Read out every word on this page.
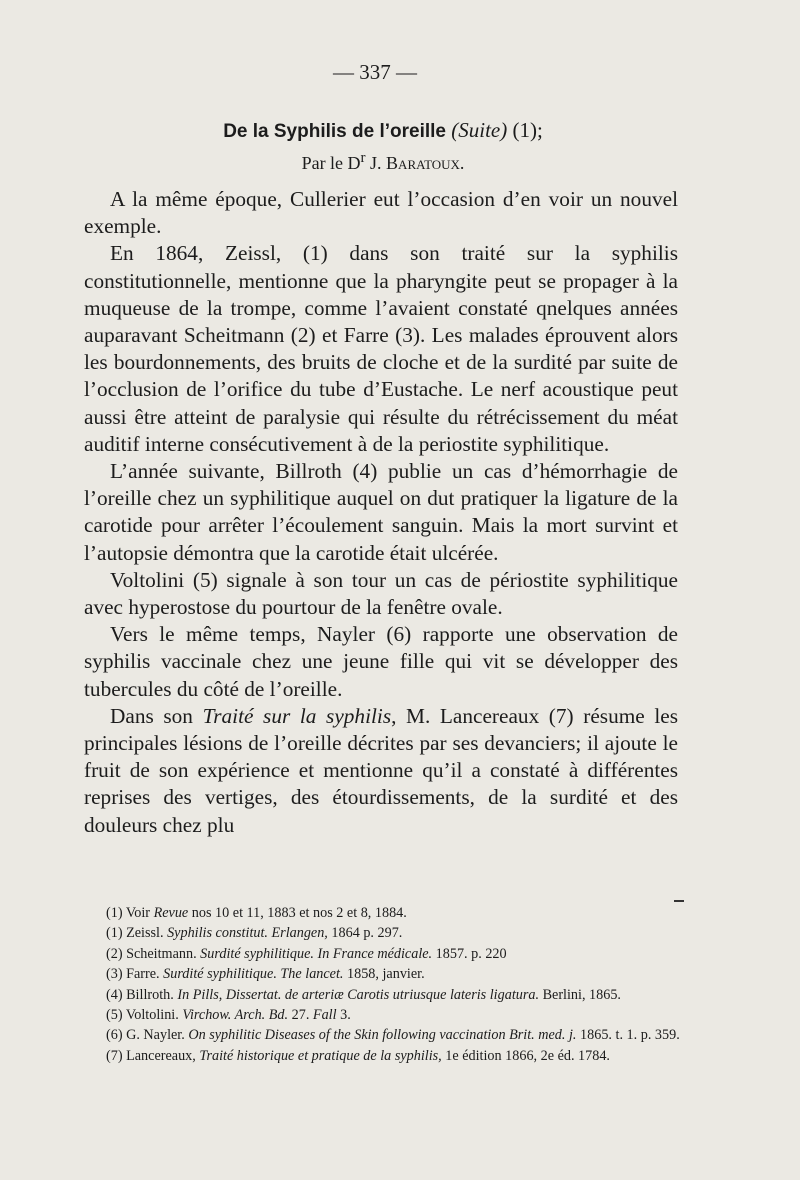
— 337 —
De la Syphilis de l’oreille (Suite) (1);
Par le $D^r$ J. Baratoux.

A la même époque, Cullerier eut l’occasion d’en voir un nouvel exemple.

En 1864, Zeissl, (1) dans son traité sur la syphilis constitutionnelle, mentionne que la pharyngite peut se propager à la muqueuse de la trompe, comme l’avaient constaté qnelques années auparavant Scheitmann (2) et Farre (3). Les malades éprouvent alors les bourdonnements, des bruits de cloche et de la surdité par suite de l’occlusion de l’orifice du tube d’Eustache. Le nerf acoustique peut aussi être atteint de paralysie qui résulte du rétrécissement du méat auditif interne consécutivement à de la periostite syphilitique.

L’année suivante, Billroth (4) publie un cas d’hémorrhagie de l’oreille chez un syphilitique auquel on dut pratiquer la ligature de la carotide pour arrêter l’écoulement sanguin. Mais la mort survint et l’autopsie démontra que la carotide était ulcérée.

Voltolini (5) signale à son tour un cas de périostite syphilitique avec hyperostose du pourtour de la fenêtre ovale.

Vers le même temps, Nayler (6) rapporte une observation de syphilis vaccinale chez une jeune fille qui vit se développer des tubercules du côté de l’oreille.

Dans son Traité sur la syphilis, M. Lancereaux (7) résume les principales lésions de l’oreille décrites par ses devanciers; il ajoute le fruit de son expérience et mentionne qu’il a constaté à différentes reprises des vertiges, des étourdissements, de la surdité et des douleurs chez plu

(1) Voir Revue nos 10 et 11, 1883 et nos 2 et 8, 1884.

(1) Zeissl. Syphilis constitut. Erlangen, 1864 p. 297.

(2) Scheitmann. Surdité syphilitique. In France médicale. 1857. p. 220

(3) Farre. Surdité syphilitique. The lancet. 1858, janvier.

(4) Billroth. In Pills, Dissertat. de arteriæ Carotis utriusque lateris ligatura. Berlini, 1865.

(5) Voltolini. Virchow. Arch. Bd. 27. Fall 3.

(6) G. Nayler. On syphilitic Diseases of the Skin following vaccination Brit. med. j. 1865. t. 1. p. 359.

(7) Lancereaux, Traité historique et pratique de la syphilis, 1e édition 1866, 2e éd. 1784.
